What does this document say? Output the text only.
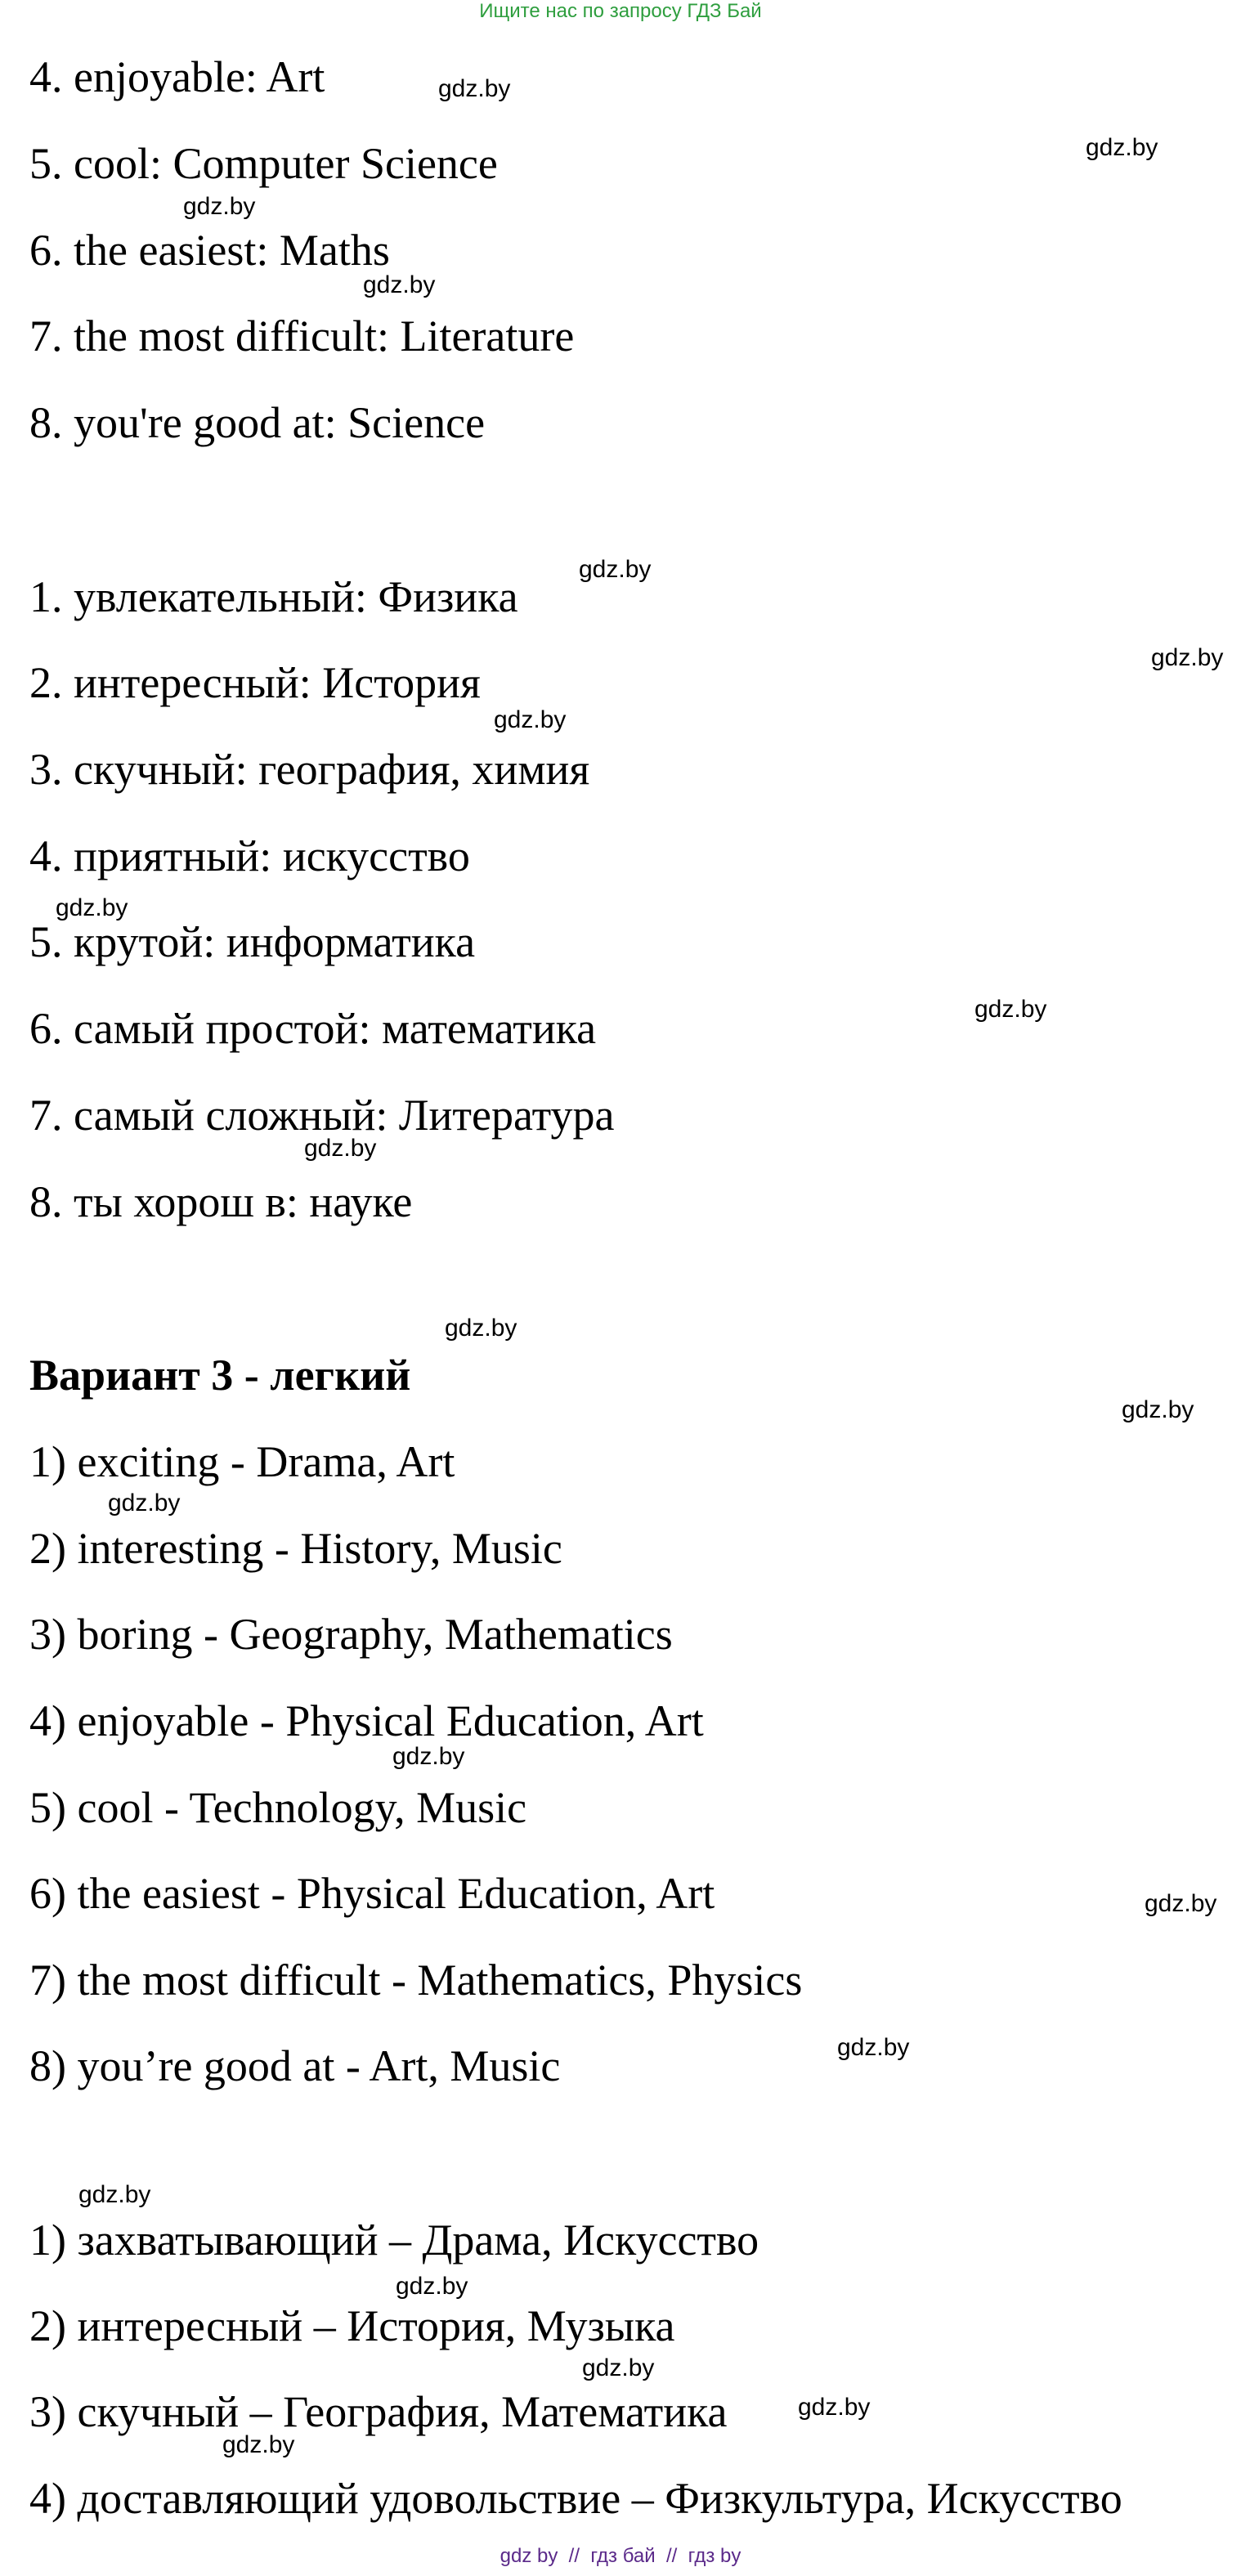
Ищите нас по запросу ГДЗ Бай
4. enjoyable: Art
5. cool: Computer Science
6. the easiest: Maths
7. the most difficult: Literature
8. you're good at: Science
1. увлекательный: Физика
2. интересный: История
3. скучный: география, химия
4. приятный: искусство
5. крутой: информатика
6. самый простой: математика
7. самый сложный: Литература
8. ты хорош в: науке
Вариант 3 - легкий
1) exciting - Drama, Art
2) interesting - History, Music
3) boring - Geography, Mathematics
4) enjoyable - Physical Education, Art
5) cool - Technology, Music
6) the easiest - Physical Education, Art
7) the most difficult - Mathematics, Physics
8) you’re good at - Art, Music
1) захватывающий – Драма, Искусство
2) интересный – История, Музыка
3) скучный – География, Математика
4) доставляющий удовольствие – Физкультура, Искусство
gdz.by
gdz.by
gdz.by
gdz.by
gdz.by
gdz.by
gdz.by
gdz.by
gdz.by
gdz.by
gdz.by
gdz.by
gdz.by
gdz.by
gdz.by
gdz.by
gdz.by
gdz.by
gdz.by
gdz.by
gdz.by
gdz by  //  гдз бай  //  гдз by
